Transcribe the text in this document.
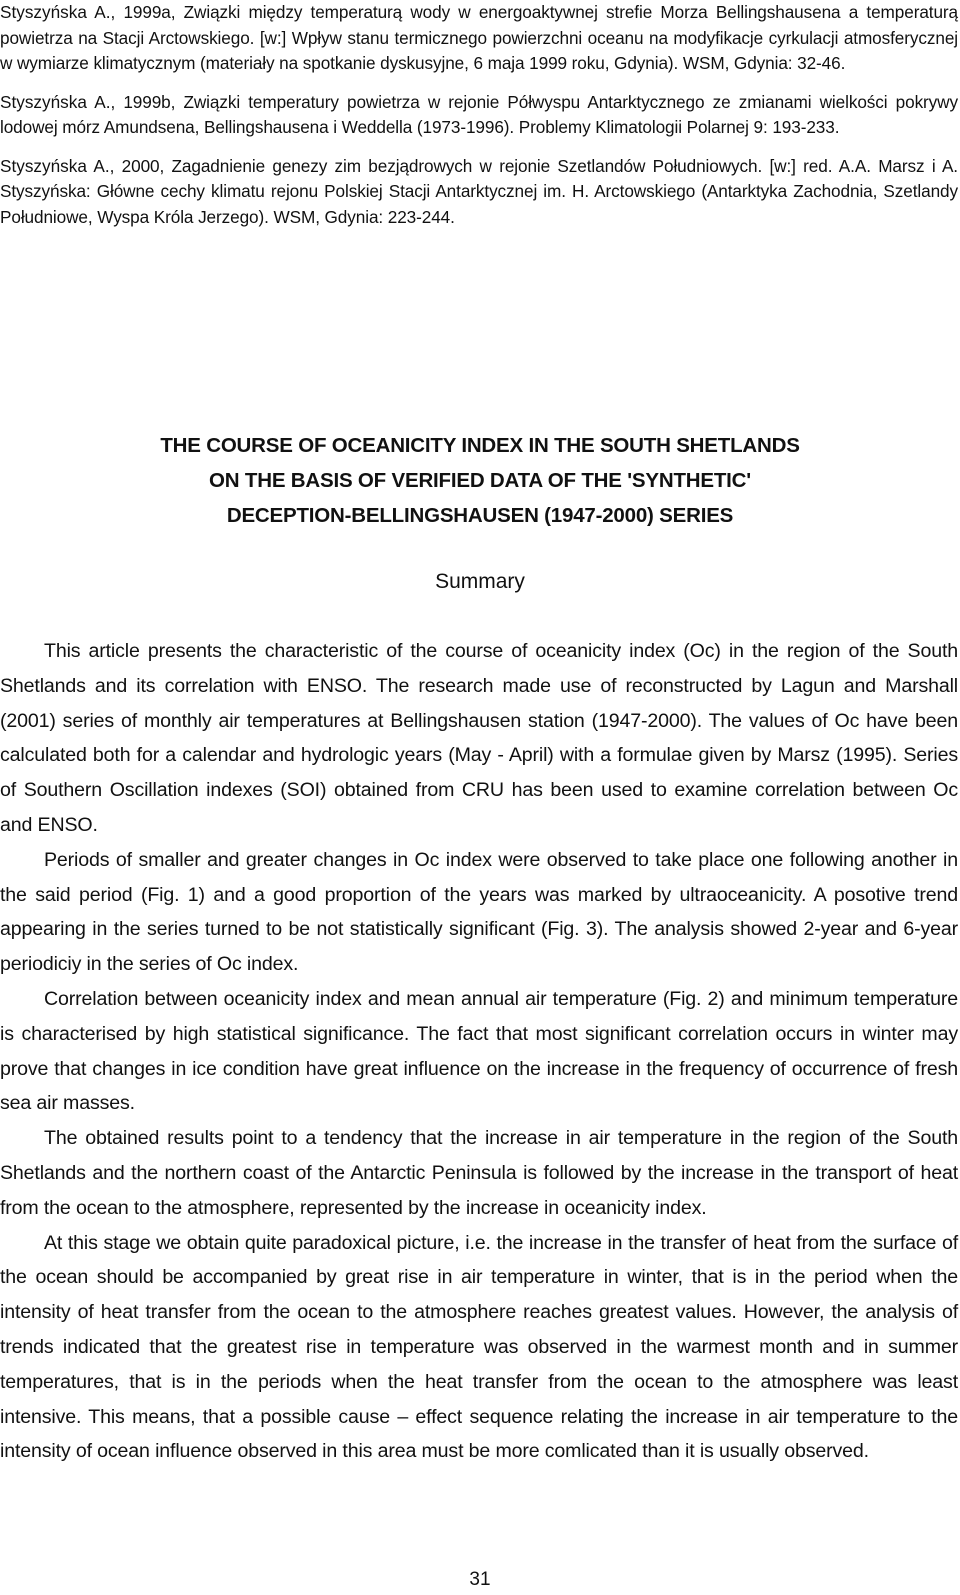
Styszyńska A., 1999a, Związki między temperaturą wody w energoaktywnej strefie Morza Bellingshausena a temperaturą powietrza na Stacji Arctowskiego. [w:] Wpływ stanu termicznego powierzchni oceanu na modyfikacje cyrkulacji atmosferycznej w wymiarze klimatycznym (materiały na spotkanie dyskusyjne, 6 maja 1999 roku, Gdynia). WSM, Gdynia: 32-46.

Styszyńska A., 1999b, Związki temperatury powietrza w rejonie Półwyspu Antarktycznego ze zmianami wielkości pokrywy lodowej mórz Amundsena, Bellingshausena i Weddella (1973-1996). Problemy Klimatologii Polarnej 9: 193-233.

Styszyńska A., 2000, Zagadnienie genezy zim bezjądrowych w rejonie Szetlandów Południowych. [w:] red. A.A. Marsz i A. Styszyńska: Główne cechy klimatu rejonu Polskiej Stacji Antarktycznej im. H. Arctowskiego (Antarktyka Zachodnia, Szetlandy Południowe, Wyspa Króla Jerzego). WSM, Gdynia: 223-244.

THE COURSE OF OCEANICITY INDEX IN THE SOUTH SHETLANDS
ON THE BASIS OF VERIFIED DATA OF THE 'SYNTHETIC'
DECEPTION-BELLINGSHAUSEN (1947-2000) SERIES
Summary

This article presents the characteristic of the course of oceanicity index (Oc) in the region of the South Shetlands and its correlation with ENSO. The research made use of reconstructed by Lagun and Marshall (2001) series of monthly air temperatures at Bellingshausen station (1947-2000). The values of Oc have been calculated both for a calendar and hydrologic years (May - April) with a formulae given by Marsz (1995). Series of Southern Oscillation indexes (SOI) obtained from CRU has been used to examine correlation between Oc and ENSO.

Periods of smaller and greater changes in Oc index were observed to take place one following another in the said period (Fig. 1) and a good proportion of the years was marked by ultraoceanicity. A posotive trend appearing in the series turned to be not statistically significant (Fig. 3). The analysis showed 2-year and 6-year periodiciy in the series of Oc index.

Correlation between oceanicity index and mean annual air temperature (Fig. 2) and minimum temperature is characterised by high statistical significance. The fact that most significant correlation occurs in winter may prove that changes in ice condition have great influence on the increase in the frequency of occurrence of fresh sea air masses.

The obtained results point to a tendency that the increase in air temperature in the region of the South Shetlands and the northern coast of the Antarctic Peninsula is followed by the increase in the transport of heat from the ocean to the atmosphere, represented by the increase in oceanicity index.

At this stage we obtain quite paradoxical picture, i.e. the increase in the transfer of heat from the surface of the ocean should be accompanied by great rise in air temperature in winter, that is in the period when the intensity of heat transfer from the ocean to the atmosphere reaches greatest values. However, the analysis of trends indicated that the greatest rise in temperature was observed in the warmest month and in summer temperatures, that is in the periods when the heat transfer from the ocean to the atmosphere was least intensive. This means, that a possible cause – effect sequence relating the increase in air temperature to the intensity of ocean influence observed in this area must be more comlicated than it is usually observed.

31
